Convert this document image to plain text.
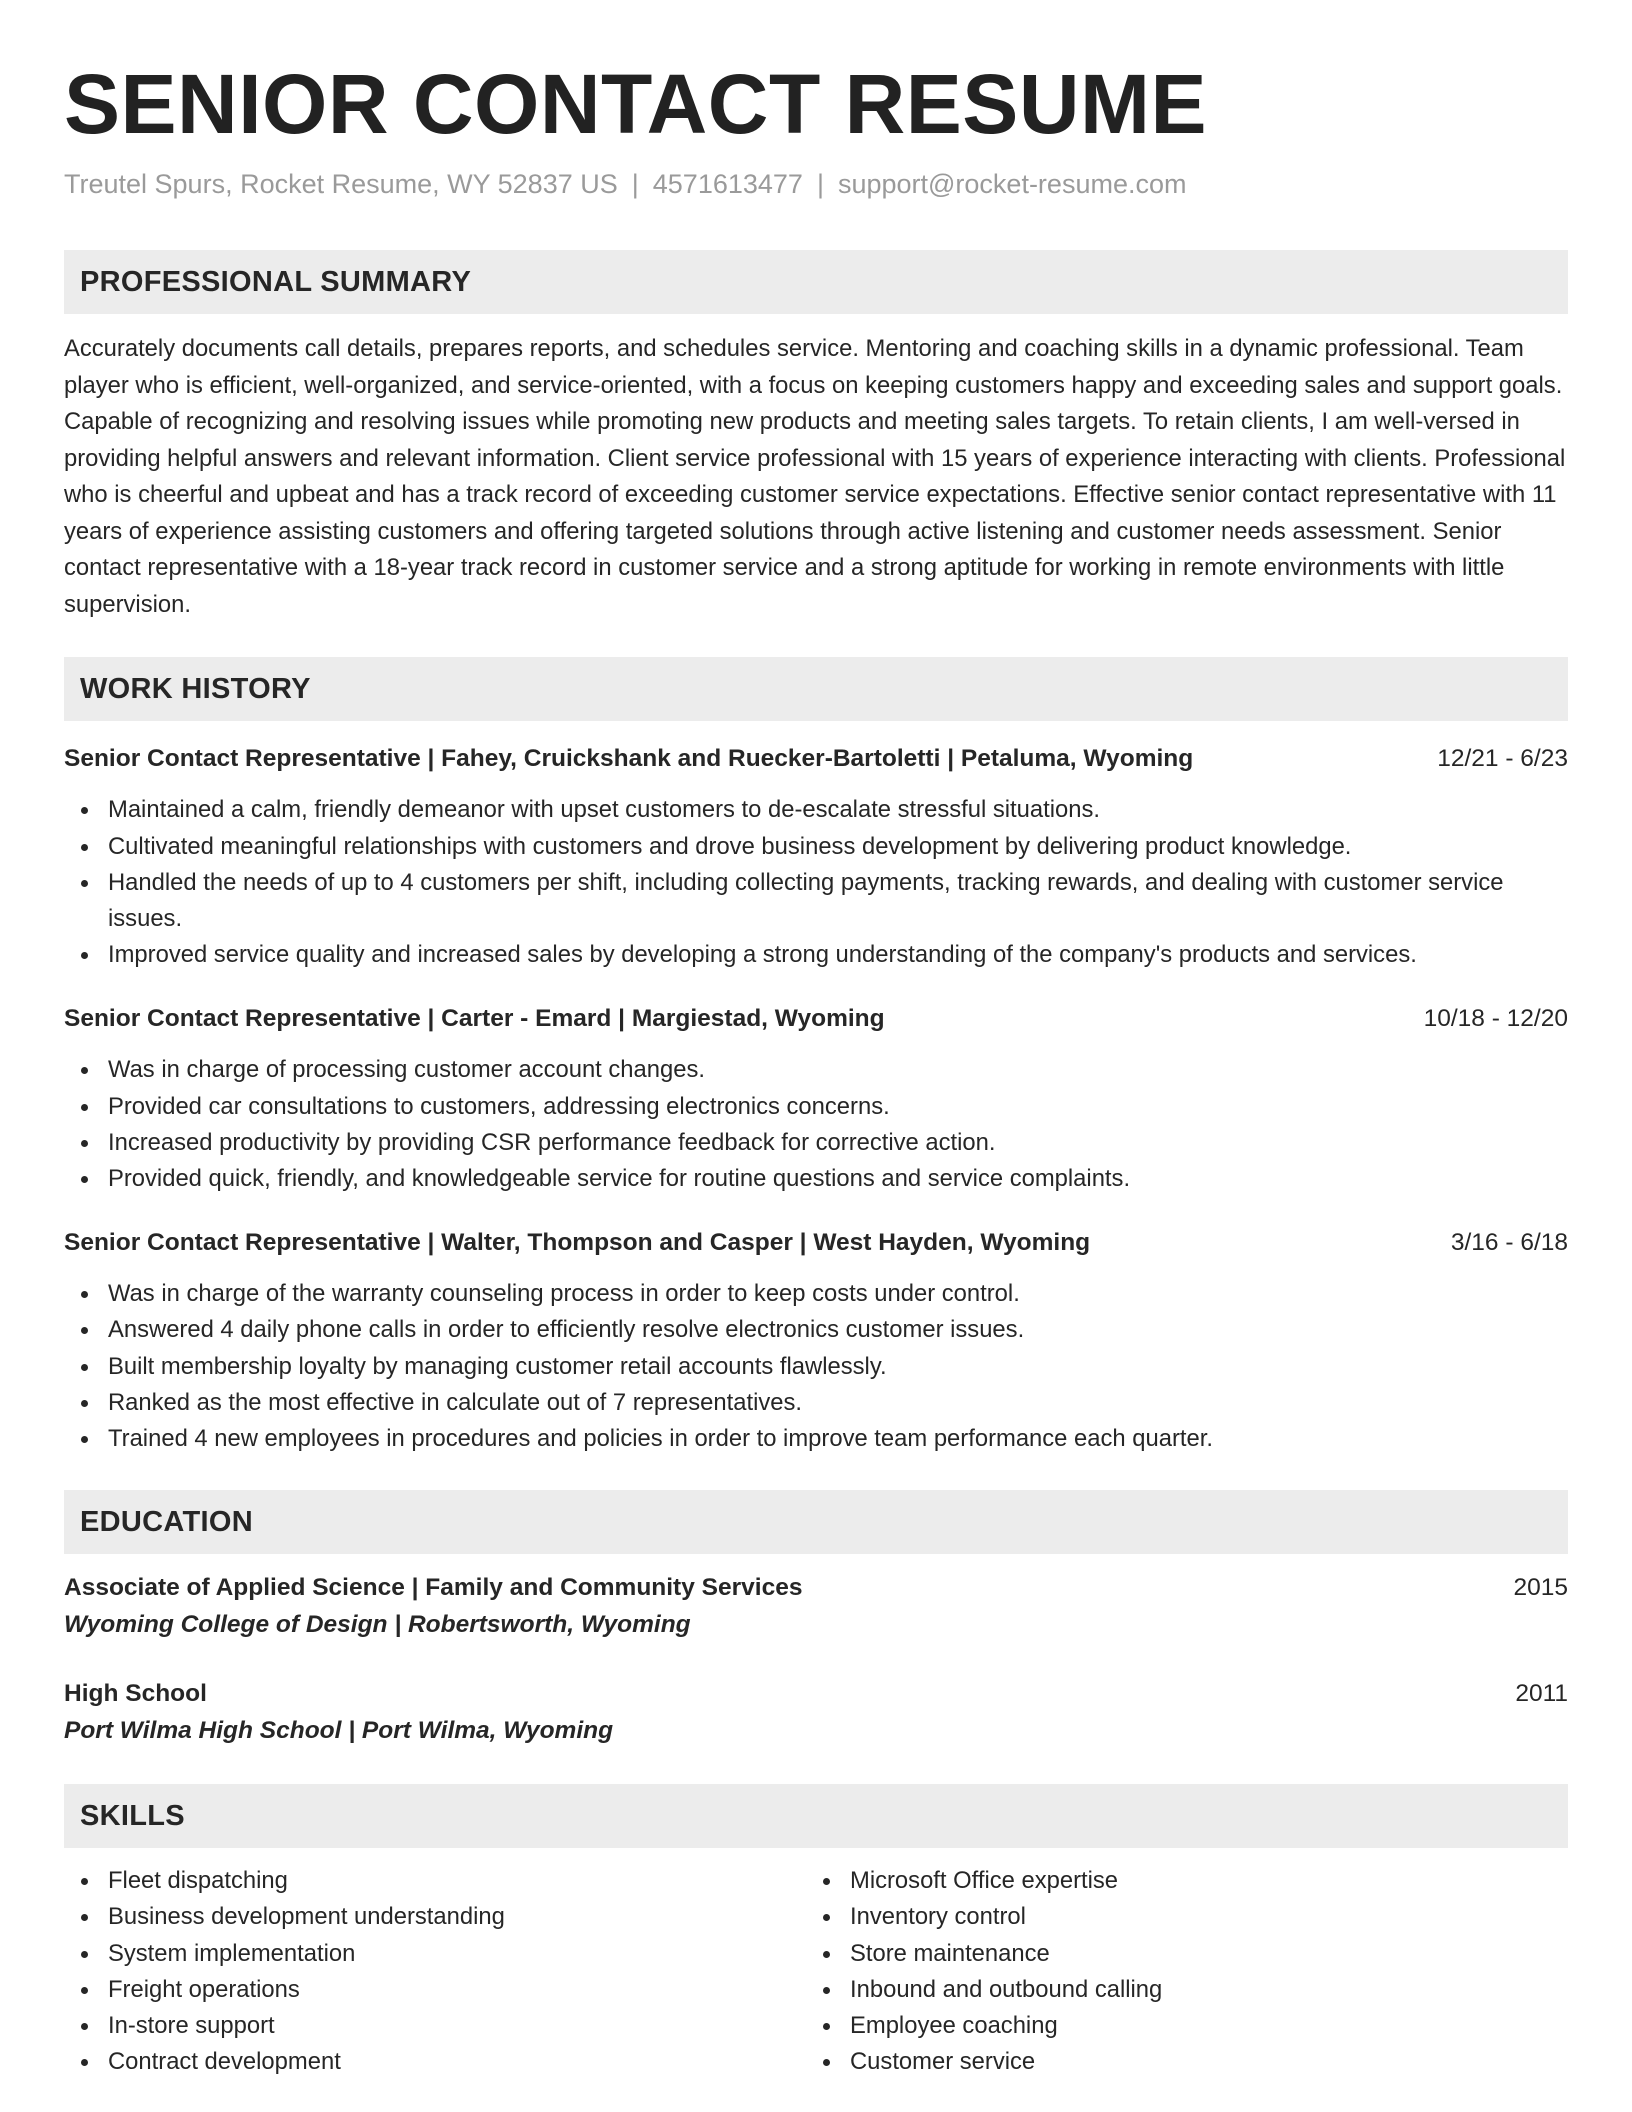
SENIOR CONTACT RESUME
Treutel Spurs, Rocket Resume, WY 52837 US | 4571613477 | support@rocket-resume.com
PROFESSIONAL SUMMARY
Accurately documents call details, prepares reports, and schedules service. Mentoring and coaching skills in a dynamic professional. Team player who is efficient, well-organized, and service-oriented, with a focus on keeping customers happy and exceeding sales and support goals. Capable of recognizing and resolving issues while promoting new products and meeting sales targets. To retain clients, I am well-versed in providing helpful answers and relevant information. Client service professional with 15 years of experience interacting with clients. Professional who is cheerful and upbeat and has a track record of exceeding customer service expectations. Effective senior contact representative with 11 years of experience assisting customers and offering targeted solutions through active listening and customer needs assessment. Senior contact representative with a 18-year track record in customer service and a strong aptitude for working in remote environments with little supervision.
WORK HISTORY
Senior Contact Representative | Fahey, Cruickshank and Ruecker-Bartoletti | Petaluma, Wyoming	12/21 - 6/23
Maintained a calm, friendly demeanor with upset customers to de-escalate stressful situations.
Cultivated meaningful relationships with customers and drove business development by delivering product knowledge.
Handled the needs of up to 4 customers per shift, including collecting payments, tracking rewards, and dealing with customer service issues.
Improved service quality and increased sales by developing a strong understanding of the company's products and services.
Senior Contact Representative | Carter - Emard | Margiestad, Wyoming	10/18 - 12/20
Was in charge of processing customer account changes.
Provided car consultations to customers, addressing electronics concerns.
Increased productivity by providing CSR performance feedback for corrective action.
Provided quick, friendly, and knowledgeable service for routine questions and service complaints.
Senior Contact Representative | Walter, Thompson and Casper | West Hayden, Wyoming	3/16 - 6/18
Was in charge of the warranty counseling process in order to keep costs under control.
Answered 4 daily phone calls in order to efficiently resolve electronics customer issues.
Built membership loyalty by managing customer retail accounts flawlessly.
Ranked as the most effective in calculate out of 7 representatives.
Trained 4 new employees in procedures and policies in order to improve team performance each quarter.
EDUCATION
Associate of Applied Science | Family and Community Services	2015
Wyoming College of Design | Robertsworth, Wyoming
High School	2011
Port Wilma High School | Port Wilma, Wyoming
SKILLS
Fleet dispatching
Business development understanding
System implementation
Freight operations
In-store support
Contract development
Microsoft Office expertise
Inventory control
Store maintenance
Inbound and outbound calling
Employee coaching
Customer service
